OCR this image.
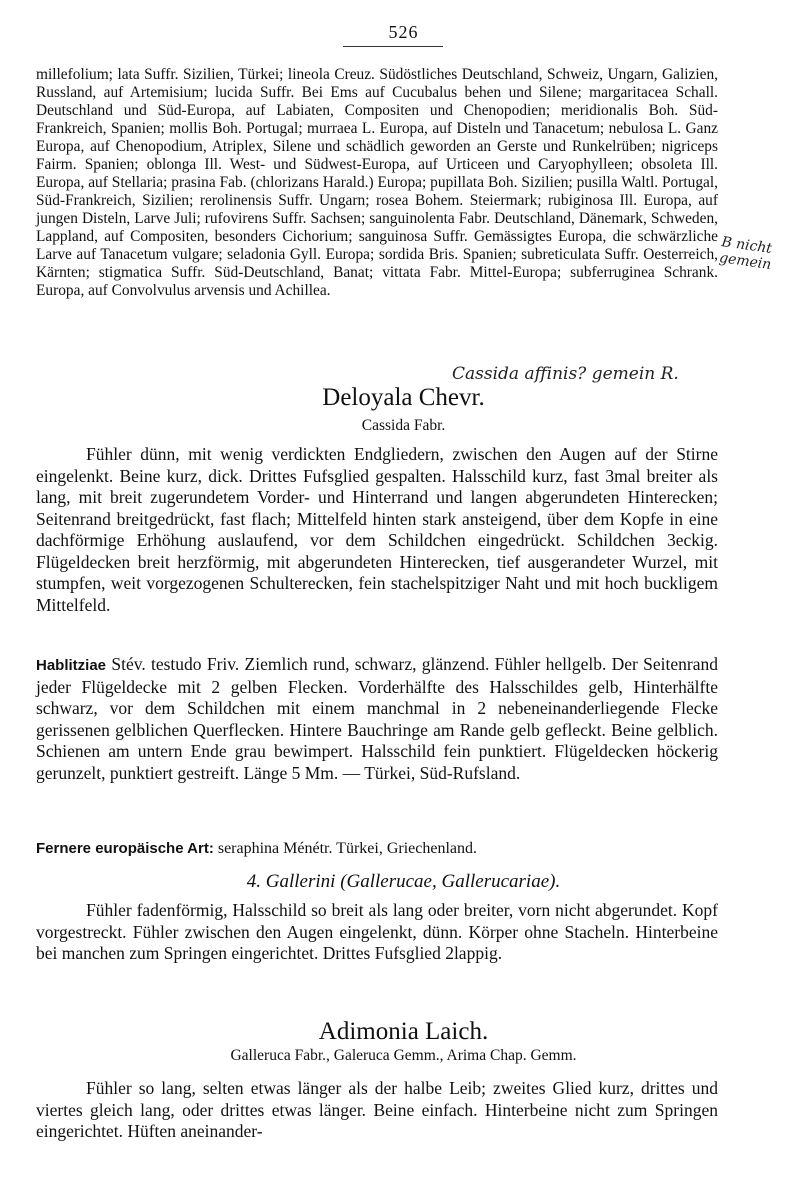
526
millefolium; lata Suffr. Sizilien, Türkei; lineola Creuz. Südöstliches Deutschland, Schweiz, Ungarn, Galizien, Russland, auf Artemisium; lucida Suffr. Bei Ems auf Cucubalus behen und Silene; margaritacea Schall. Deutschland und Süd-Europa, auf Labiaten, Compositen und Chenopodien; meridionalis Boh. Süd-Frankreich, Spanien; mollis Boh. Portugal; murraea L. Europa, auf Disteln und Tanacetum; nebulosa L. Ganz Europa, auf Chenopodium, Atriplex, Silene und schädlich geworden an Gerste und Runkelrüben; nigriceps Fairm. Spanien; oblonga Ill. West- und Südwest-Europa, auf Urticeen und Caryophylleen; obsoleta Ill. Europa, auf Stellaria; prasina Fab. (chlorizans Harald.) Europa; pupillata Boh. Sizilien; pusilla Waltl. Portugal, Süd-Frankreich, Sizilien; rerolinensis Suffr. Ungarn; rosea Bohem. Steiermark; rubiginosa Ill. Europa, auf jungen Disteln, Larve Juli; rufovirens Suffr. Sachsen; sanguinolenta Fabr. Deutschland, Dänemark, Schweden, Lappland, auf Compositen, besonders Cichorium; sanguinosa Suffr. Gemässigtes Europa, die schwärzliche Larve auf Tanacetum vulgare; seladonia Gyll. Europa; sordida Bris. Spanien; subreticulata Suffr. Oesterreich, Kärnten; stigmatica Suffr. Süd-Deutschland, Banat; vittata Fabr. Mittel-Europa; subferruginea Schrank. Europa, auf Convolvulus arvensis und Achillea.
B nicht gemein
Cassida affinis? gemein R.
Deloyala Chevr.
Cassida Fabr.
Fühler dünn, mit wenig verdickten Endgliedern, zwischen den Augen auf der Stirne eingelenkt. Beine kurz, dick. Drittes Fufsglied gespalten. Halsschild kurz, fast 3mal breiter als lang, mit breit zugerundetem Vorder- und Hinterrand und langen abgerundeten Hinterecken; Seitenrand breitgedrückt, fast flach; Mittelfeld hinten stark ansteigend, über dem Kopfe in eine dachförmige Erhöhung auslaufend, vor dem Schildchen eingedrückt. Schildchen 3eckig. Flügeldecken breit herzförmig, mit abgerundeten Hinterecken, tief ausgerandeter Wurzel, mit stumpfen, weit vorgezogenen Schulterecken, fein stachelspitziger Naht und mit hoch buckligem Mittelfeld.
Hablitziae Stév. testudo Friv. Ziemlich rund, schwarz, glänzend. Fühler hellgelb. Der Seitenrand jeder Flügeldecke mit 2 gelben Flecken. Vorderhälfte des Halsschildes gelb, Hinterhälfte schwarz, vor dem Schildchen mit einem manchmal in 2 nebeneinanderliegende Flecke gerissenen gelblichen Querflecken. Hintere Bauchringe am Rande gelb gefleckt. Beine gelblich. Schienen am untern Ende grau bewimpert. Halsschild fein punktiert. Flügeldecken höckerig gerunzelt, punktiert gestreift. Länge 5 Mm. — Türkei, Süd-Rufsland.
Fernere europäische Art: seraphina Ménétr. Türkei, Griechenland.
4. Gallerini (Gallerucae, Gallerucariae).
Fühler fadenförmig, Halsschild so breit als lang oder breiter, vorn nicht abgerundet. Kopf vorgestreckt. Fühler zwischen den Augen eingelenkt, dünn. Körper ohne Stacheln. Hinterbeine bei manchen zum Springen eingerichtet. Drittes Fufsglied 2lappig.
Adimonia Laich.
Galleruca Fabr., Galeruca Gemm., Arima Chap. Gemm.
Fühler so lang, selten etwas länger als der halbe Leib; zweites Glied kurz, drittes und viertes gleich lang, oder drittes etwas länger. Beine einfach. Hinterbeine nicht zum Springen eingerichtet. Hüften aneinander-
